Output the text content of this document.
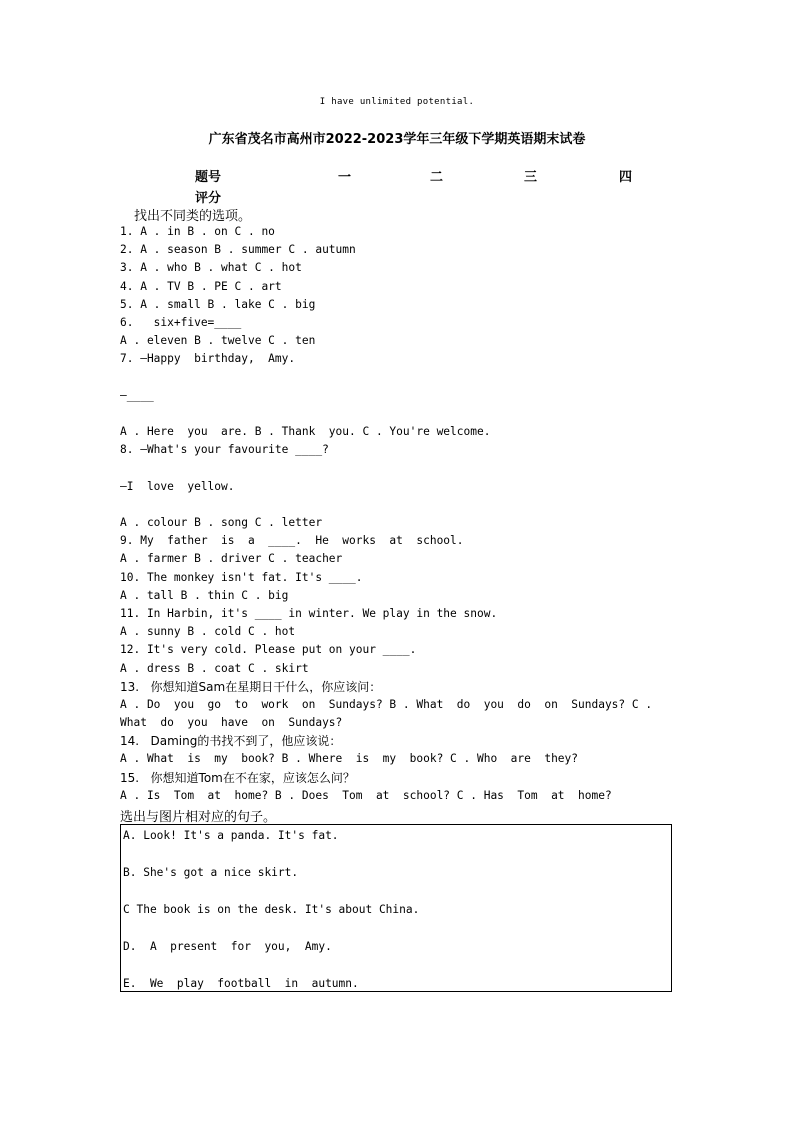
I have unlimited potential.
广东省茂名市高州市2022-2023学年三年级下学期英语期末试卷
题号	一	二	三	四
评分
找出不同类的选项。
1. A . in B . on C . no
2. A . season B . summer C . autumn
3. A . who B . what C . hot
4. A . TV B . PE C . art
5. A . small B . lake C . big
6.   six+five=____
A . eleven B . twelve C . ten
7. —Happy  birthday,  Amy.
—____
A . Here  you  are. B . Thank  you. C . You're welcome.
8. —What's your favourite ____?
—I  love  yellow.
A . colour B . song C . letter
9. My  father  is  a  ____.  He  works  at  school.
A . farmer B . driver C . teacher
10. The monkey isn't fat. It's ____.
A . tall B . thin C . big
11. In Harbin, it's ____ in winter. We play in the snow.
A . sunny B . cold C . hot
12. It's very cold. Please put on your ____.
A . dress B . coat C . skirt
13.   你想知道Sam在星期日干什么，你应该问：
A . Do  you  go  to  work  on  Sundays? B . What  do  you  do  on  Sundays? C .
What  do  you  have  on  Sundays?
14.   Daming的书找不到了，他应该说：
A . What  is  my  book? B . Where  is  my  book? C . Who  are  they?
15.   你想知道Tom在不在家，应该怎么问？
A . Is  Tom  at  home? B . Does  Tom  at  school? C . Has  Tom  at  home?
选出与图片相对应的句子。
A. Look! It's a panda. It's fat.
B. She's got a nice skirt.
C The book is on the desk. It's about China.
D.  A  present  for  you,  Amy.
E.  We  play  football  in  autumn.
